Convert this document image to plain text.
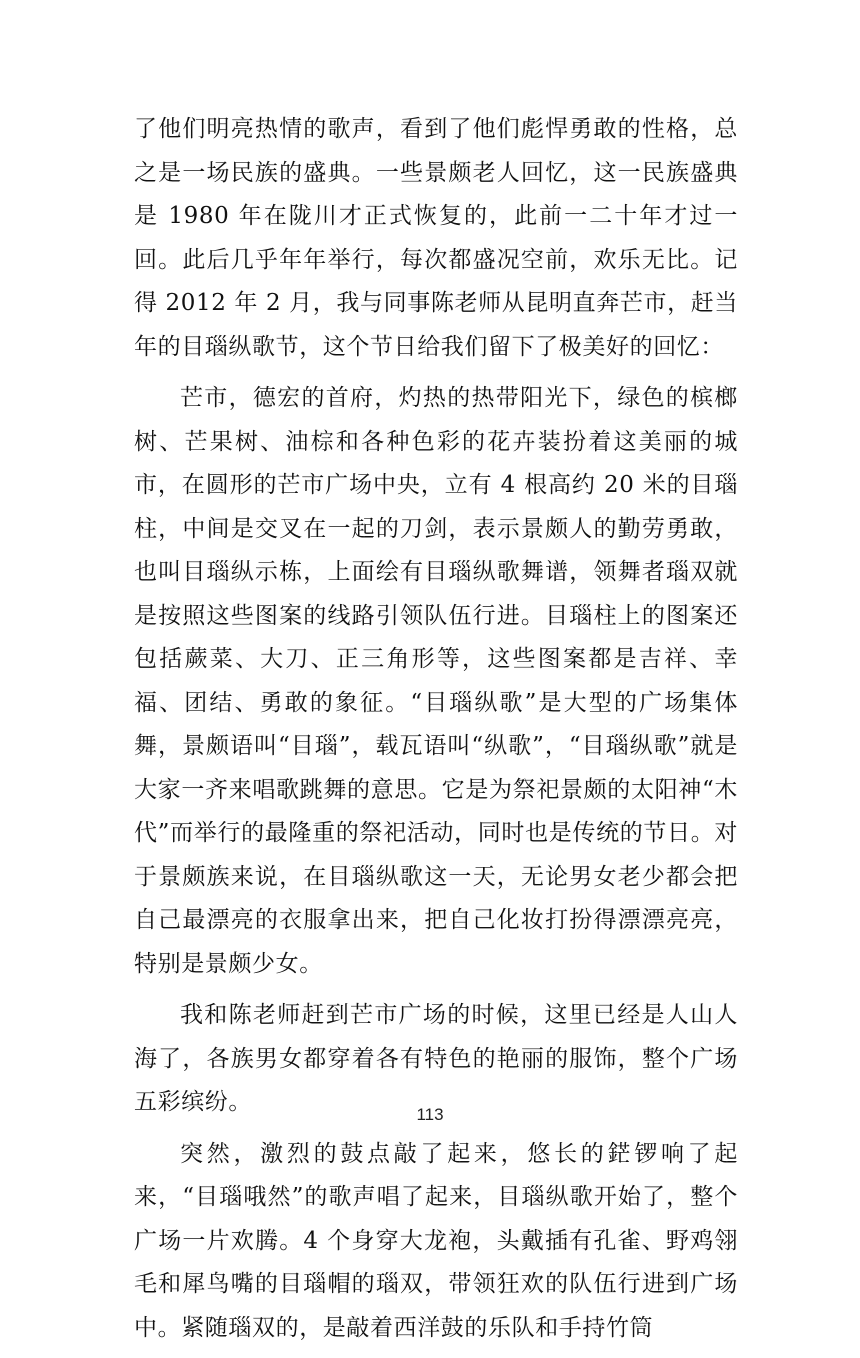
了他们明亮热情的歌声，看到了他们彪悍勇敢的性格，总之是一场民族的盛典。一些景颇老人回忆，这一民族盛典是 1980 年在陇川才正式恢复的，此前一二十年才过一回。此后几乎年年举行，每次都盛况空前，欢乐无比。记得 2012 年 2 月，我与同事陈老师从昆明直奔芒市，赶当年的目瑙纵歌节，这个节日给我们留下了极美好的回忆：

芒市，德宏的首府，灼热的热带阳光下，绿色的槟榔树、芒果树、油棕和各种色彩的花卉装扮着这美丽的城市，在圆形的芒市广场中央，立有 4 根高约 20 米的目瑙柱，中间是交叉在一起的刀剑，表示景颇人的勤劳勇敢，也叫目瑙纵示栋，上面绘有目瑙纵歌舞谱，领舞者瑙双就是按照这些图案的线路引领队伍行进。目瑙柱上的图案还包括蕨菜、大刀、正三角形等，这些图案都是吉祥、幸福、团结、勇敢的象征。“目瑙纵歌”是大型的广场集体舞，景颇语叫“目瑙”，载瓦语叫“纵歌”，“目瑙纵歌”就是大家一齐来唱歌跳舞的意思。它是为祭祀景颇的太阳神“木代”而举行的最隆重的祭祀活动，同时也是传统的节日。对于景颇族来说，在目瑙纵歌这一天，无论男女老少都会把自己最漂亮的衣服拿出来，把自己化妆打扮得漂漂亮亮，特别是景颇少女。

我和陈老师赶到芒市广场的时候，这里已经是人山人海了，各族男女都穿着各有特色的艳丽的服饰，整个广场五彩缤纷。

突然，激烈的鼓点敲了起来，悠长的鋩锣响了起来，“目瑙哦然”的歌声唱了起来，目瑙纵歌开始了，整个广场一片欢腾。4 个身穿大龙袍，头戴插有孔雀、野鸡翎毛和犀鸟嘴的目瑙帽的瑙双，带领狂欢的队伍行进到广场中。紧随瑙双的，是敲着西洋鼓的乐队和手持竹筒

113
